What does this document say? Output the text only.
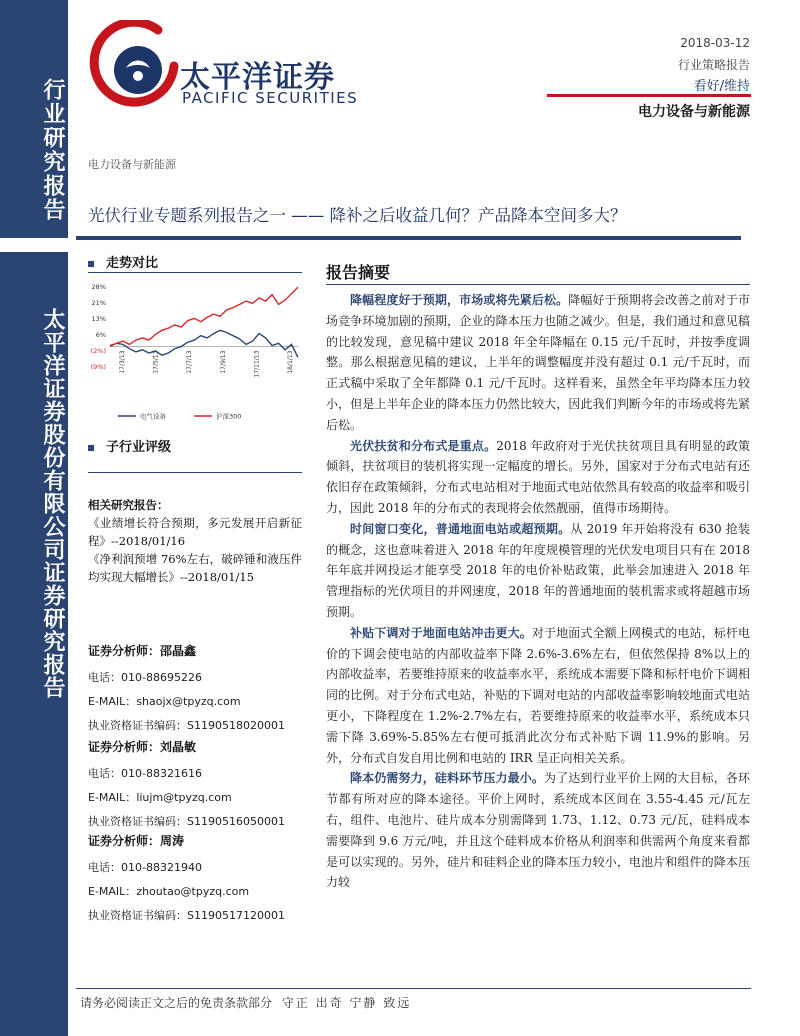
行业研究报告
太平洋证券股份有限公司证券研究报告
太平洋证券
PACIFIC SECURITIES
2018-03-12
行业策略报告
看好/维持
电力设备与新能源
电力设备与新能源
光伏行业专题系列报告之一 —— 降补之后收益几何？产品降本空间多大？
走势对比
28%
21%
13%
6%
(2%)
(9%) 17/3/13	17/5/13	17/7/13	17/9/13	17/11/13	18/1/13
电气设备	沪深300
子行业评级
相关研究报告：

《业绩增长符合预期，多元发展开启新征程》--2018/01/16

《净利润预增 76%左右，破碎锤和液压件均实现大幅增长》--2018/01/15

证券分析师：邵晶鑫
电话：010-88695226
E-MAIL：shaojx@tpyzq.com
执业资格证书编码：S1190518020001
证券分析师：刘晶敏
电话：010-88321616
E-MAIL：liujm@tpyzq.com
执业资格证书编码：S1190516050001
证券分析师：周涛
电话：010-88321940
E-MAIL：zhoutao@tpyzq.com
执业资格证书编码：S1190517120001
报告摘要

降幅程度好于预期，市场或将先紧后松。降幅好于预期将会改善之前对于市场竞争环境加剧的预期，企业的降本压力也随之减少。但是，我们通过和意见稿的比较发现，意见稿中建议 2018 年全年降幅在 0.15 元/千瓦时，并按季度调整。那么根据意见稿的建议，上半年的调整幅度并没有超过 0.1 元/千瓦时，而正式稿中采取了全年都降 0.1 元/千瓦时。这样看来，虽然全年平均降本压力较小，但是上半年企业的降本压力仍然比较大，因此我们判断今年的市场或将先紧后松。

光伏扶贫和分布式是重点。2018 年政府对于光伏扶贫项目具有明显的政策倾斜，扶贫项目的装机将实现一定幅度的增长。另外，国家对于分布式电站有还依旧存在政策倾斜，分布式电站相对于地面式电站依然具有较高的收益率和吸引力，因此 2018 年的分布式的表现将会依然靓丽，值得市场期待。

时间窗口变化，普通地面电站或超预期。从 2019 年开始将没有 630 抢装的概念，这也意味着进入 2018 年的年度规模管理的光伏发电项目只有在 2018 年年底并网投运才能享受 2018 年的电价补贴政策，此举会加速进入 2018 年管理指标的光伏项目的并网速度，2018 年的普通地面的装机需求或将超越市场预期。

补贴下调对于地面电站冲击更大。对于地面式全额上网模式的电站，标杆电价的下调会使电站的内部收益率下降 2.6%-3.6%左右，但依然保持 8%以上的内部收益率，若要维持原来的收益率水平，系统成本需要下降和标杆电价下调相同的比例。对于分布式电站，补贴的下调对电站的内部收益率影响较地面式电站更小，下降程度在 1.2%-2.7%左右，若要维持原来的收益率水平，系统成本只需下降 3.69%-5.85%左右便可抵消此次分布式补贴下调 11.9%的影响。另外，分布式自发自用比例和电站的 IRR 呈正向相关关系。

降本仍需努力，硅料环节压力最小。为了达到行业平价上网的大目标，各环节都有所对应的降本途径。平价上网时，系统成本区间在 3.55-4.45 元/瓦左右，组件、电池片、硅片成本分别需降到 1.73、1.12、0.73 元/瓦，硅料成本需要降到 9.6 万元/吨，并且这个硅料成本价格从利润率和供需两个角度来看都是可以实现的。另外，硅片和硅料企业的降本压力较小，电池片和组件的降本压力较

请务必阅读正文之后的免责条款部分 守正 出奇 宁静 致远
